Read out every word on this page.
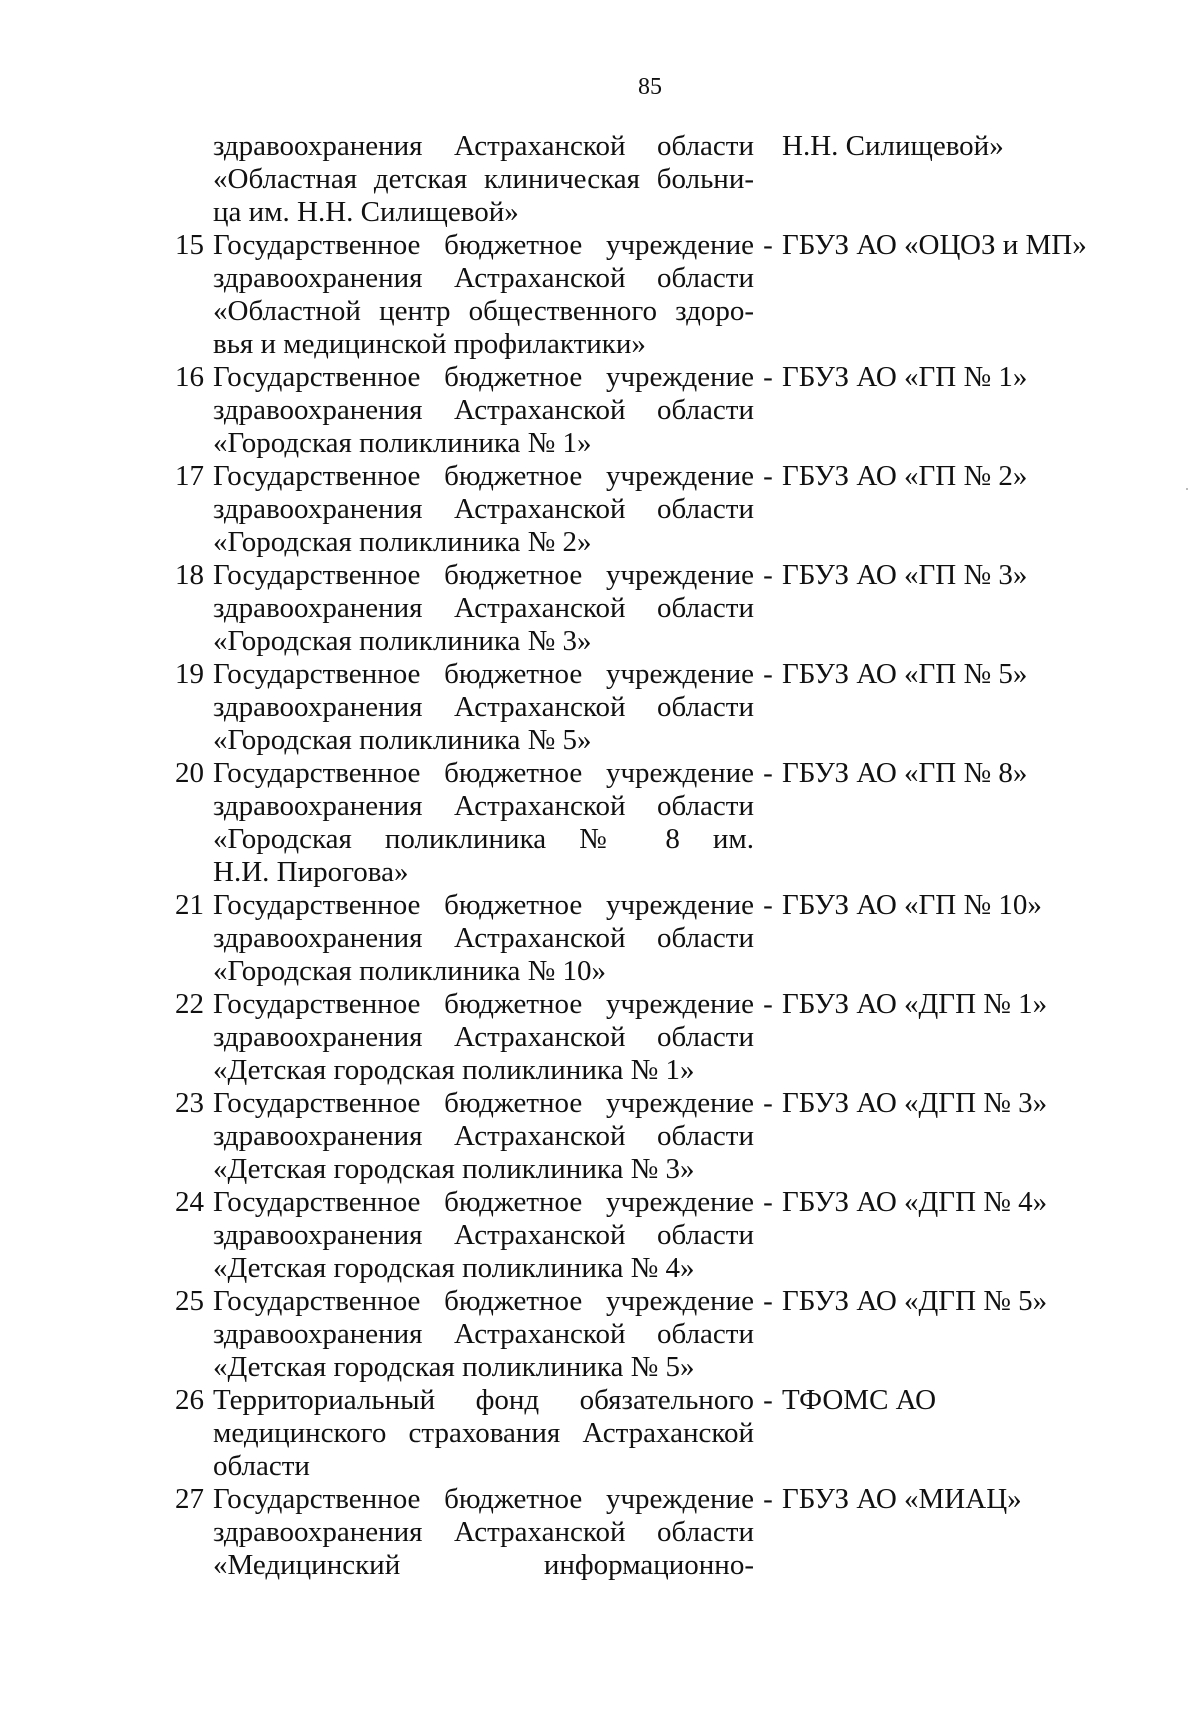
85
здравоохранения Астраханской области
«Областная детская клиническая больни-
ца им. Н.Н. Силищевой»
Н.Н. Силищевой»
15 Государственное бюджетное учреждение
здравоохранения Астраханской области
«Областной центр общественного здоро-
вья и медицинской профилактики»
- ГБУЗ АО «ОЦОЗ и МП»
16 Государственное бюджетное учреждение
здравоохранения Астраханской области
«Городская поликлиника № 1»
- ГБУЗ АО «ГП № 1»
17 Государственное бюджетное учреждение
здравоохранения Астраханской области
«Городская поликлиника № 2»
- ГБУЗ АО «ГП № 2»
18 Государственное бюджетное учреждение
здравоохранения Астраханской области
«Городская поликлиника № 3»
- ГБУЗ АО «ГП № 3»
19 Государственное бюджетное учреждение
здравоохранения Астраханской области
«Городская поликлиника № 5»
- ГБУЗ АО «ГП № 5»
20 Государственное бюджетное учреждение
здравоохранения Астраханской области
«Городская поликлиника № 8 им.
Н.И. Пирогова»
- ГБУЗ АО «ГП № 8»
21 Государственное бюджетное учреждение
здравоохранения Астраханской области
«Городская поликлиника № 10»
- ГБУЗ АО «ГП № 10»
22 Государственное бюджетное учреждение
здравоохранения Астраханской области
«Детская городская поликлиника № 1»
- ГБУЗ АО «ДГП № 1»
23 Государственное бюджетное учреждение
здравоохранения Астраханской области
«Детская городская поликлиника № 3»
- ГБУЗ АО «ДГП № 3»
24 Государственное бюджетное учреждение
здравоохранения Астраханской области
«Детская городская поликлиника № 4»
- ГБУЗ АО «ДГП № 4»
25 Государственное бюджетное учреждение
здравоохранения Астраханской области
«Детская городская поликлиника № 5»
- ГБУЗ АО «ДГП № 5»
26 Территориальный фонд обязательного
медицинского страхования Астраханской
области
- ТФОМС АО
27 Государственное бюджетное учреждение
здравоохранения Астраханской области
«Медицинский информационно-
- ГБУЗ АО «МИАЦ»
